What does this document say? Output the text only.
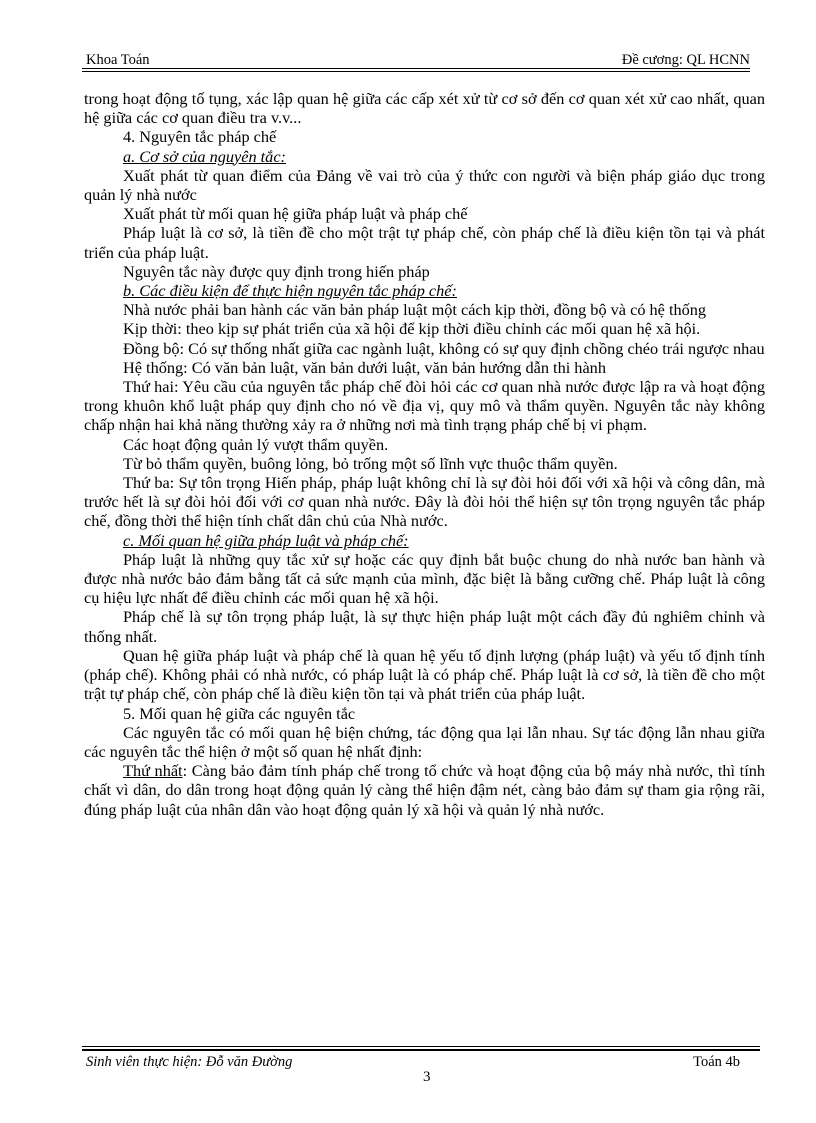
Khoa Toán	Đề cương: QL HCNN

trong hoạt động tố tụng, xác lập quan hệ giữa các cấp xét xử từ cơ sở đến cơ quan xét xử cao nhất, quan hệ giữa các cơ quan điều tra v.v...

4. Nguyên tắc pháp chế

a. Cơ sở của nguyên tắc:

Xuất phát từ quan điểm của Đảng về vai trò của ý thức con người và biện pháp giáo dục trong quản lý nhà nước

Xuất phát từ mối quan hệ giữa pháp luật và pháp chế

Pháp luật là cơ sở, là tiền đề cho một trật tự pháp chế, còn pháp chế là điều kiện tồn tại và phát triển của pháp luật.

Nguyên tắc này được quy định trong hiến pháp

b. Các điều kiện để thực hiện nguyên tắc pháp chế:

Nhà nước phải ban hành các văn bản pháp luật một cách kịp thời, đồng bộ và có hệ thống

Kịp thời: theo kịp sự phát triển của xã hội để kịp thời điều chỉnh các mối quan hệ xã hội.

Đồng bộ: Có sự thống nhất giữa cac ngành luật, không có sự quy định chồng chéo trái ngược nhau

Hệ thống: Có văn bản luật, văn bản dưới luật, văn bản hướng dẫn thi hành

Thứ hai: Yêu cầu của nguyên tắc pháp chế đòi hỏi các cơ quan nhà nước được lập ra và hoạt động trong khuôn khổ luật pháp quy định cho nó về địa vị, quy mô và thẩm quyền. Nguyên tắc này không chấp nhận hai khả năng thường xảy ra ở những nơi mà tình trạng pháp chế bị vi phạm.

Các hoạt động quản lý vượt thẩm quyền.

Từ bỏ thẩm quyền, buông lỏng, bỏ trống một số lĩnh vực thuộc thẩm quyền.

Thứ ba: Sự tôn trọng Hiến pháp, pháp luật không chỉ là sự đòi hỏi đối với xã hội và công dân, mà trước hết là sự đòi hỏi đối với cơ quan nhà nước. Đây là đòi hỏi thể hiện sự tôn trọng nguyên tắc pháp chế, đồng thời thể hiện tính chất dân chủ của Nhà nước.

c. Mối quan hệ giữa pháp luật và pháp chế:

Pháp luật là những quy tắc xử sự hoặc các quy định bắt buộc chung do nhà nước ban hành và được nhà nước bảo đảm bằng tất cả sức mạnh của mình, đặc biệt là bằng cưỡng chế. Pháp luật là công cụ hiệu lực nhất để điều chỉnh các mối quan hệ xã hội.

Pháp chế là sự tôn trọng pháp luật, là sự thực hiện pháp luật một cách đầy đủ nghiêm chỉnh và thống nhất.

Quan hệ giữa pháp luật và pháp chế là quan hệ yếu tố định lượng (pháp luật) và yếu tố định tính (pháp chế). Không phải có nhà nước, có pháp luật là có pháp chế. Pháp luật là cơ sở, là tiền đề cho một trật tự pháp chế, còn pháp chế là điều kiện tồn tại và phát triển của pháp luật.

5. Mối quan hệ giữa các nguyên tắc

Các nguyên tắc có mối quan hệ biện chứng, tác động qua lại lẫn nhau. Sự tác động lẫn nhau giữa các nguyên tắc thể hiện ở một số quan hệ nhất định:

Thứ nhất: Càng bảo đảm tính pháp chế trong tổ chức và hoạt động của bộ máy nhà nước, thì tính chất vì dân, do dân trong hoạt động quản lý càng thể hiện đậm nét, càng bảo đảm sự tham gia rộng rãi, đúng pháp luật của nhân dân vào hoạt động quản lý xã hội và quản lý nhà nước.

Sinh viên thực hiện: Đỗ văn Đường	Toán 4b
3
